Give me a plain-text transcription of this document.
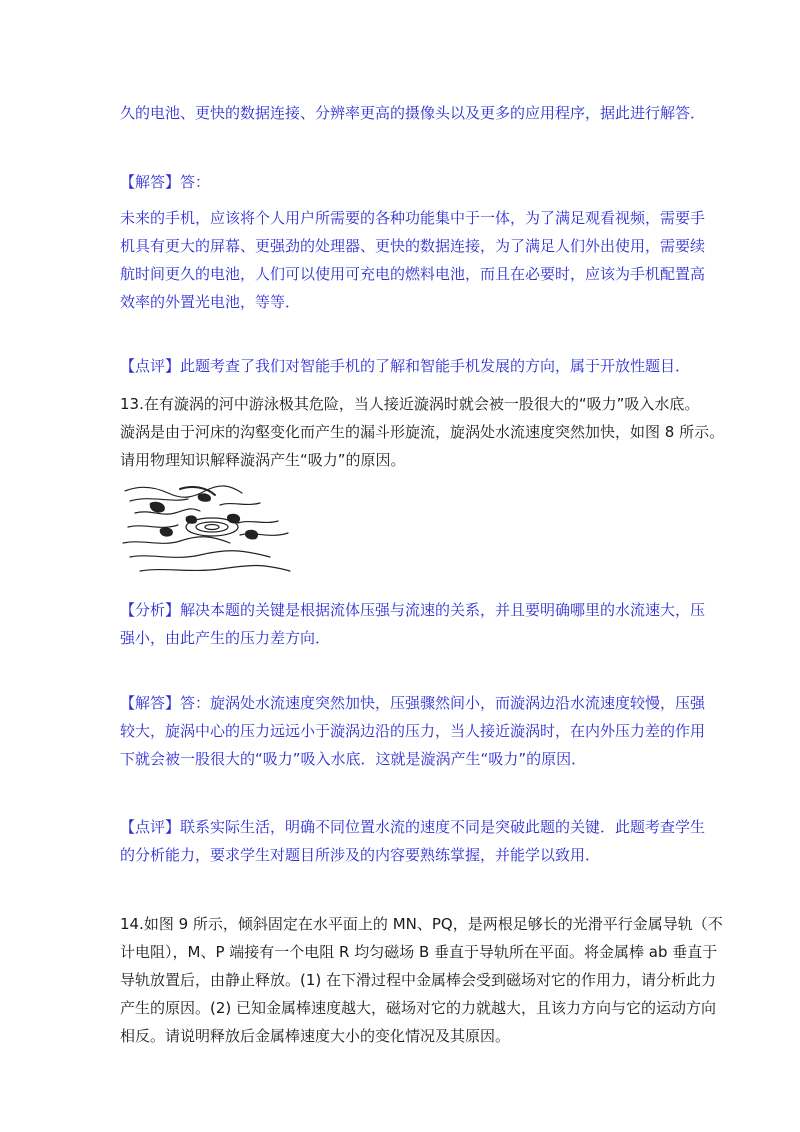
久的电池、更快的数据连接、分辨率更高的摄像头以及更多的应用程序，据此进行解答．
【解答】答：
未来的手机，应该将个人用户所需要的各种功能集中于一体，为了满足观看视频，需要手
机具有更大的屏幕、更强劲的处理器、更快的数据连接，为了满足人们外出使用，需要续
航时间更久的电池，人们可以使用可充电的燃料电池，而且在必要时，应该为手机配置高
效率的外置光电池，等等．
【点评】此题考查了我们对智能手机的了解和智能手机发展的方向，属于开放性题目．
13.在有漩涡的河中游泳极其危险，当人接近漩涡时就会被一股很大的“吸力”吸入水底。
漩涡是由于河床的沟壑变化而产生的漏斗形旋流，旋涡处水流速度突然加快，如图 8 所示。
请用物理知识解释漩涡产生“吸力”的原因。
【分析】解决本题的关键是根据流体压强与流速的关系，并且要明确哪里的水流速大，压
强小，由此产生的压力差方向．
【解答】答：旋涡处水流速度突然加快，压强骤然间小，而漩涡边沿水流速度较慢，压强
较大，旋涡中心的压力远远小于漩涡边沿的压力，当人接近漩涡时，在内外压力差的作用
下就会被一股很大的“吸力”吸入水底．这就是漩涡产生“吸力”的原因．
【点评】联系实际生活，明确不同位置水流的速度不同是突破此题的关键．此题考查学生
的分析能力，要求学生对题目所涉及的内容要熟练掌握，并能学以致用．
14.如图 9 所示，倾斜固定在水平面上的 MN、PQ，是两根足够长的光滑平行金属导轨（不
计电阻），M、P 端接有一个电阻 R 均匀磁场 B 垂直于导轨所在平面。将金属棒 ab 垂直于
导轨放置后，由静止释放。(1) 在下滑过程中金属棒会受到磁场对它的作用力，请分析此力
产生的原因。(2) 已知金属棒速度越大，磁场对它的力就越大，且该力方向与它的运动方向
相反。请说明释放后金属棒速度大小的变化情况及其原因。
